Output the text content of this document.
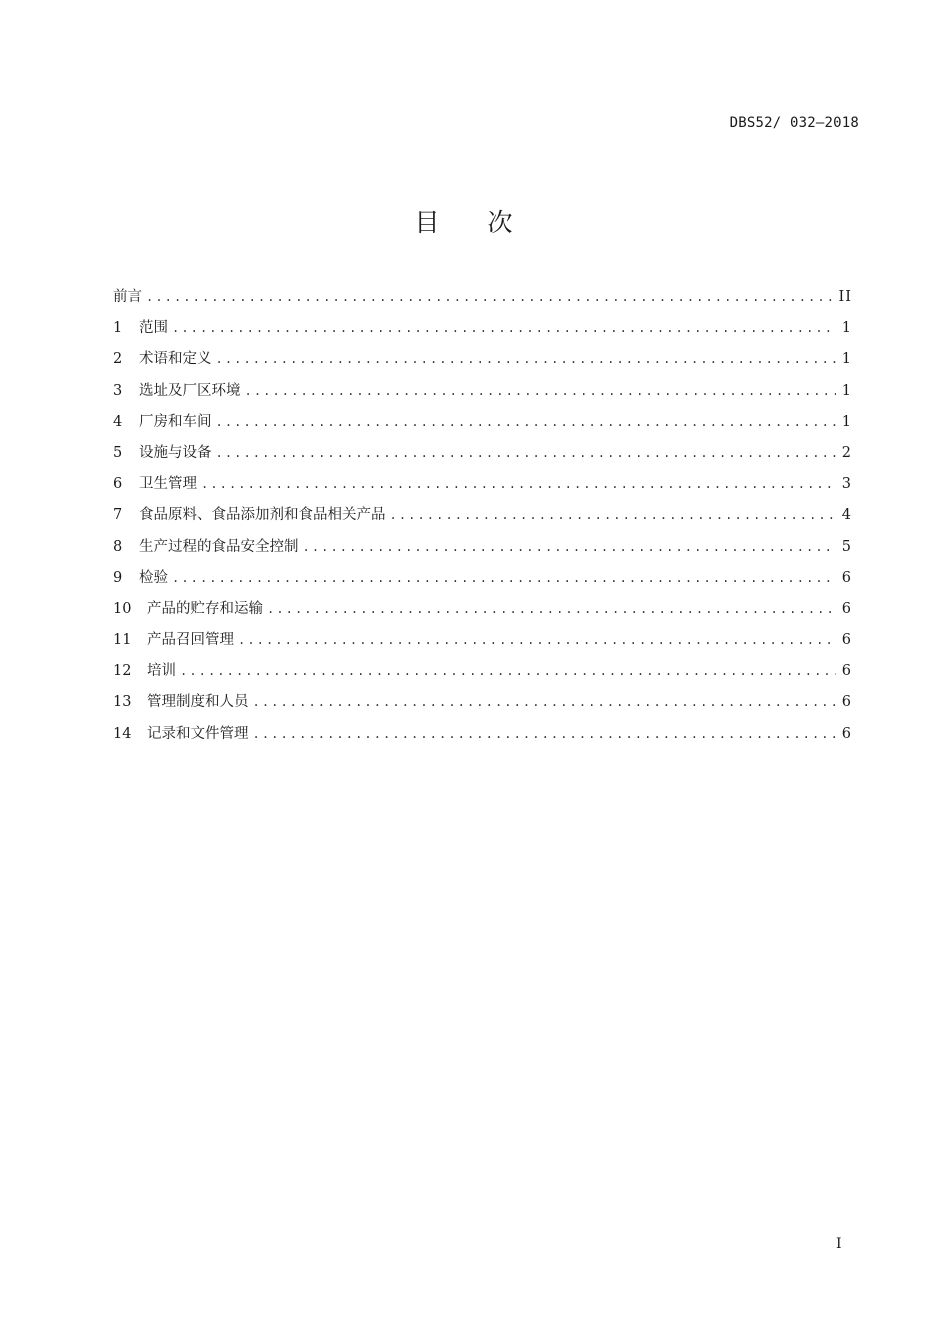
DBS52/ 032—2018
目次
前言 .....	II
1	范围 .....	1
2	术语和定义 .....	1
3	选址及厂区环境 .....	1
4	厂房和车间 .....	1
5	设施与设备 .....	2
6	卫生管理 .....	3
7	食品原料、食品添加剂和食品相关产品 .....	4
8	生产过程的食品安全控制 .....	5
9	检验 .....	6
10	产品的贮存和运输 .....	6
11	产品召回管理 .....	6
12	培训 .....	6
13	管理制度和人员 .....	6
14	记录和文件管理 .....	6
I
